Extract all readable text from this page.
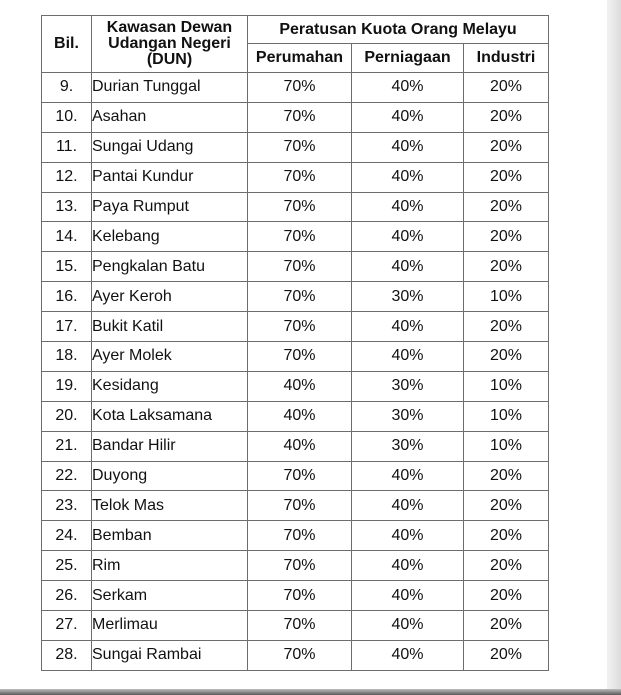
Bil.	Kawasan Dewan
Udangan Negeri
(DUN)	Peratusan Kuota Orang Melayu		
		Perumahan	Perniagaan	Industri
9.	Durian Tunggal	70%	40%	20%
10.	Asahan	70%	40%	20%
11.	Sungai Udang	70%	40%	20%
12.	Pantai Kundur	70%	40%	20%
13.	Paya Rumput	70%	40%	20%
14.	Kelebang	70%	40%	20%
15.	Pengkalan Batu	70%	40%	20%
16.	Ayer Keroh	70%	30%	10%
17.	Bukit Katil	70%	40%	20%
18.	Ayer Molek	70%	40%	20%
19.	Kesidang	40%	30%	10%
20.	Kota Laksamana	40%	30%	10%
21.	Bandar Hilir	40%	30%	10%
22.	Duyong	70%	40%	20%
23.	Telok Mas	70%	40%	20%
24.	Bemban	70%	40%	20%
25.	Rim	70%	40%	20%
26.	Serkam	70%	40%	20%
27.	Merlimau	70%	40%	20%
28.	Sungai Rambai	70%	40%	20%
